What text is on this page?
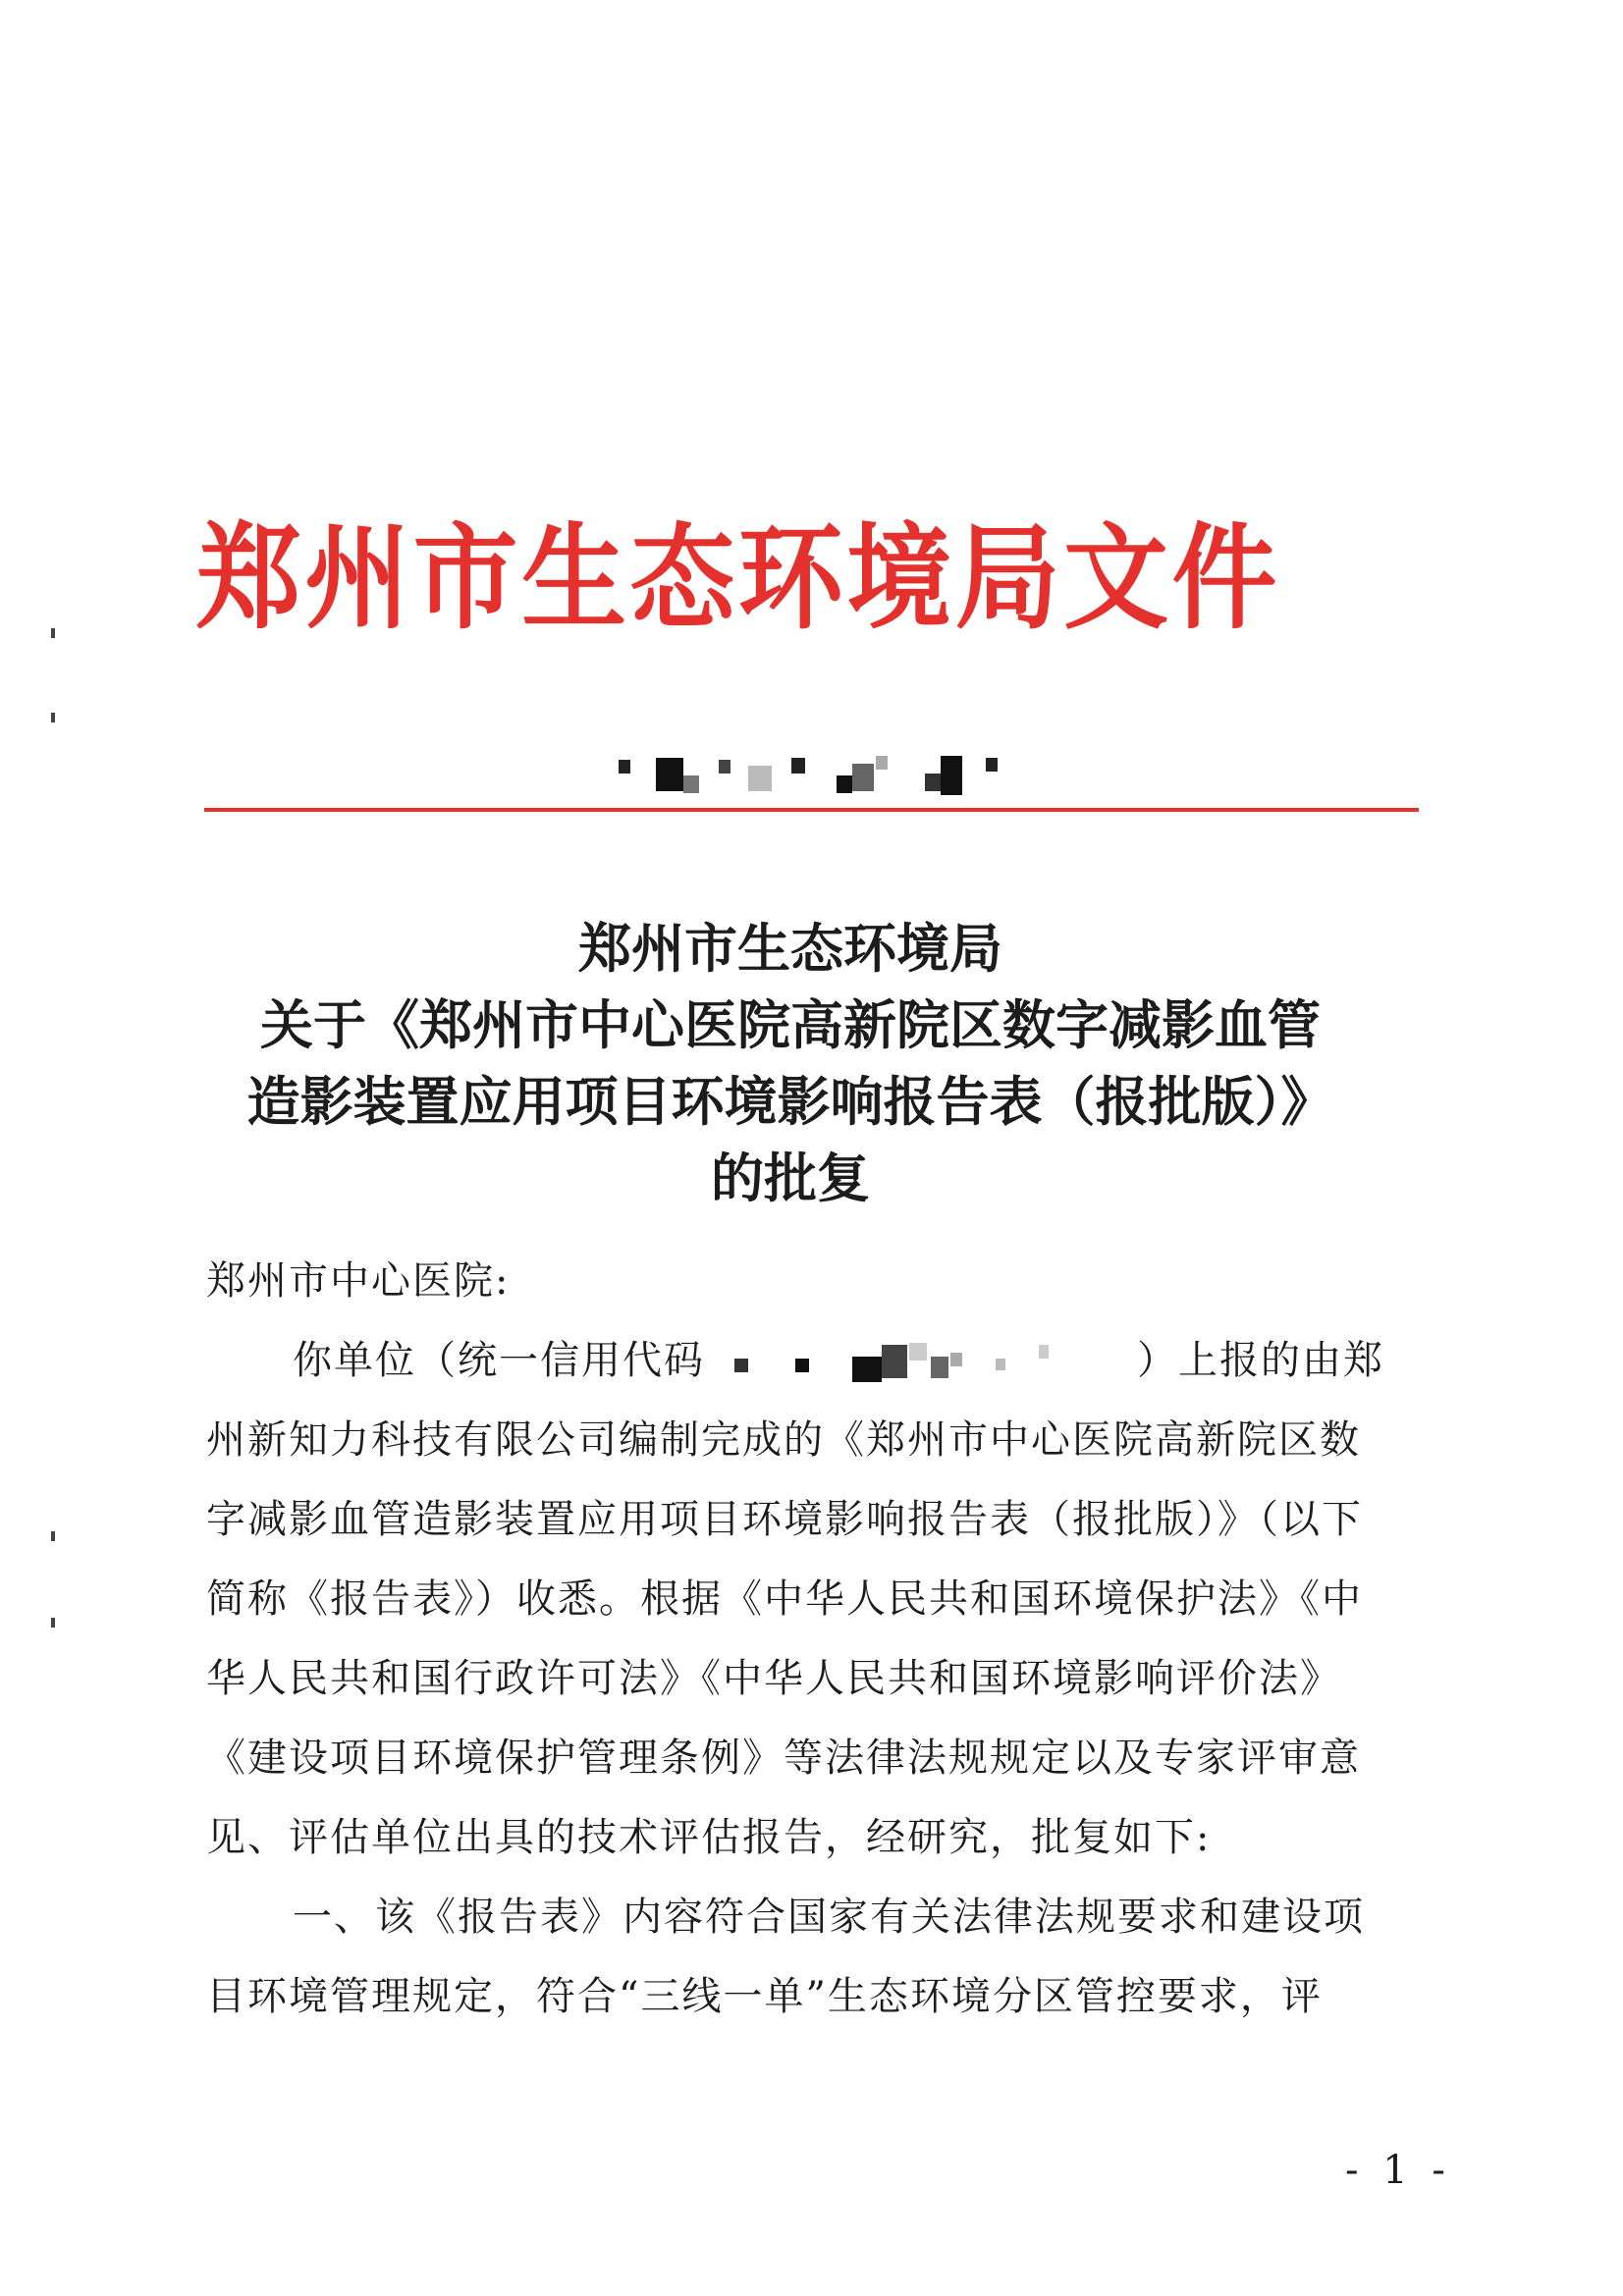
郑州市生态环境局文件
郑州市生态环境局
关于《郑州市中心医院高新院区数字减影血管
造影装置应用项目环境影响报告表（报批版）》
的批复
郑州市中心医院:
你单位（统一信用代码	）上报的由郑
州新知力科技有限公司编制完成的《郑州市中心医院高新院区数
字减影血管造影装置应用项目环境影响报告表（报批版）》（以下
简称《报告表》）收悉。根据《中华人民共和国环境保护法》《中
华人民共和国行政许可法》《中华人民共和国环境影响评价法》
《建设项目环境保护管理条例》等法律法规规定以及专家评审意
见、评估单位出具的技术评估报告，经研究，批复如下:
一、该《报告表》内容符合国家有关法律法规要求和建设项
目环境管理规定，符合“三线一单”生态环境分区管控要求，评
- 1 -
